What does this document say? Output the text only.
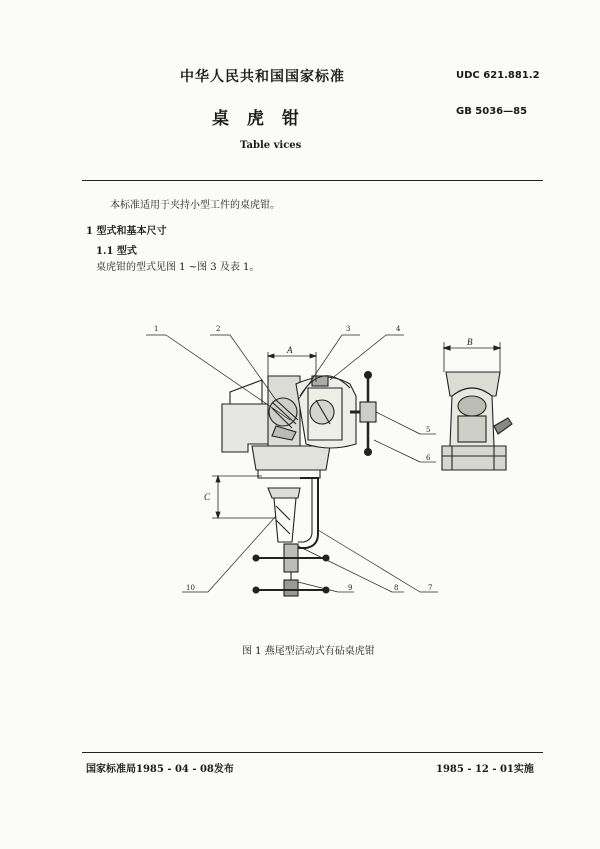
中华人民共和国国家标准	UDC 621.881.2
桌 虎 钳	GB 5036—85
Table vices
本标准适用于夹持小型工件的桌虎钳。
1 型式和基本尺寸
1.1 型式
桌虎钳的型式见图 1 ~图 3 及表 1。
1	2	3	4
5
6
7
8
9
10
A
B
C
图 1 燕尾型活动式有砧桌虎钳
国家标准局1985 - 04 - 08发布	1985 - 12 - 01实施
